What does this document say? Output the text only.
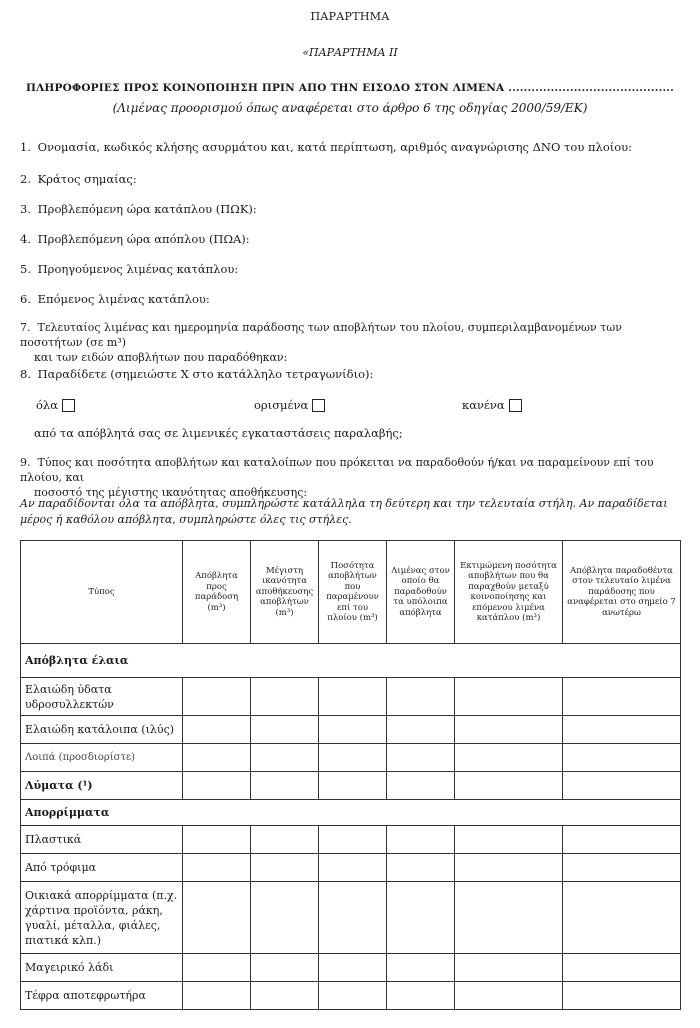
ΠΑΡΑΡΤΗΜΑ
«ΠΑΡΑΡΤΗΜΑ ΙΙ
ΠΛΗΡΟΦΟΡΙΕΣ ΠΡΟΣ ΚΟΙΝΟΠΟΙΗΣΗ ΠΡΙΝ ΑΠΟ ΤΗΝ ΕΙΣΟΔΟ ΣΤΟΝ ΛΙΜΕΝΑ ...........................................
(Λιμένας προορισμού όπως αναφέρεται στο άρθρο 6 της οδηγίας 2000/59/ΕΚ)
1. Ονομασία, κωδικός κλήσης ασυρμάτου και, κατά περίπτωση, αριθμός αναγνώρισης ΔΝΟ του πλοίου:
2. Κράτος σημαίας:
3. Προβλεπόμενη ώρα κατάπλου (ΠΩΚ):
4. Προβλεπόμενη ώρα απόπλου (ΠΩΑ):
5. Προηγούμενος λιμένας κατάπλου:
6. Επόμενος λιμένας κατάπλου:
7. Τελευταίος λιμένας και ημερομηνία παράδοσης των αποβλήτων του πλοίου, συμπεριλαμβανομένων των ποσοτήτων (σε m³)
και των ειδών αποβλήτων που παραδόθηκαν:
8. Παραδίδετε (σημειώστε Χ στο κατάλληλο τετραγωνίδιο):
όλα	ορισμένα	κανένα
από τα απόβλητά σας σε λιμενικές εγκαταστάσεις παραλαβής;
9. Τύπος και ποσότητα αποβλήτων και καταλοίπων που πρόκειται να παραδοθούν ή/και να παραμείνουν επί του πλοίου, και
ποσοστό της μέγιστης ικανότητας αποθήκευσης:
Αν παραδίδονται όλα τα απόβλητα, συμπληρώστε κατάλληλα τη δεύτερη και την τελευταία στήλη. Αν παραδίδεται μέρος ή καθόλου απόβλητα, συμπληρώστε όλες τις στήλες.
Τύπος	Απόβλητα προς παράδοση (m³)	Μέγιστη ικανότητα αποθήκευσης αποβλήτων (m³)	Ποσότητα αποβλήτων που παραμένουν επί του πλοίου (m³)	Λιμένας στον οποίο θα παραδοθούν τα υπόλοιπα απόβλητα	Εκτιμώμενη ποσότητα αποβλήτων που θα παραχθούν μεταξύ κοινοποίησης και επόμενου λιμένα κατάπλου (m³)	Απόβλητα παραδοθέντα στον τελευταίο λιμένα παράδοσης που αναφέρεται στο σημείο 7 ανωτέρω
Απόβλητα έλαια						
Ελαιώδη ύδατα υδροσυλλεκτών						
Ελαιώδη κατάλοιπα (ιλύς)						
Λοιπά (προσδιορίστε)						
Λύματα (¹)						
Απορρίμματα						
Πλαστικά						
Από τρόφιμα						
Οικιακά απορρίμματα (π.χ. χάρτινα προϊόντα, ράκη, γυαλί, μέταλλα, φιάλες, πιατικά κλπ.)						
Μαγειρικό λάδι						
Τέφρα αποτεφρωτήρα						
